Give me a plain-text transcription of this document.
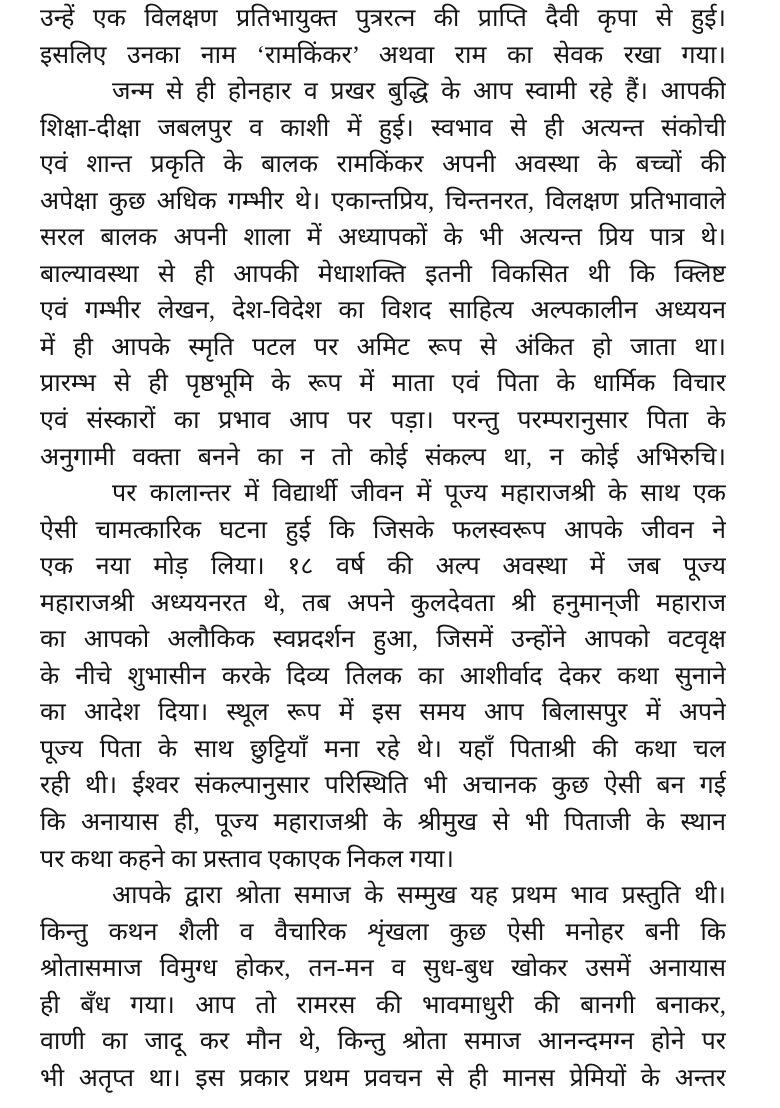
उन्हें एक विलक्षण प्रतिभायुक्त पुत्ररत्न की प्राप्ति दैवी कृपा से हुई।
इसलिए उनका नाम ‘रामकिंकर’ अथवा राम का सेवक रखा गया।
जन्म से ही होनहार व प्रखर बुद्धि के आप स्वामी रहे हैं। आपकी
शिक्षा-दीक्षा जबलपुर व काशी में हुई। स्वभाव से ही अत्यन्त संकोची
एवं शान्त प्रकृति के बालक रामकिंकर अपनी अवस्था के बच्चों की
अपेक्षा कुछ अधिक गम्भीर थे। एकान्तप्रिय, चिन्तनरत, विलक्षण प्रतिभावाले
सरल बालक अपनी शाला में अध्यापकों के भी अत्यन्त प्रिय पात्र थे।
बाल्यावस्था से ही आपकी मेधाशक्ति इतनी विकसित थी कि क्लिष्ट
एवं गम्भीर लेखन, देश-विदेश का विशद साहित्य अल्पकालीन अध्ययन
में ही आपके स्मृति पटल पर अमिट रूप से अंकित हो जाता था।
प्रारम्भ से ही पृष्ठभूमि के रूप में माता एवं पिता के धार्मिक विचार
एवं संस्कारों का प्रभाव आप पर पड़ा। परन्तु परम्परानुसार पिता के
अनुगामी वक्ता बनने का न तो कोई संकल्प था, न कोई अभिरुचि।
पर कालान्तर में विद्यार्थी जीवन में पूज्य महाराजश्री के साथ एक
ऐसी चामत्कारिक घटना हुई कि जिसके फलस्वरूप आपके जीवन ने
एक नया मोड़ लिया। १८ वर्ष की अल्प अवस्था में जब पूज्य
महाराजश्री अध्ययनरत थे, तब अपने कुलदेवता श्री हनुमान्‌जी महाराज
का आपको अलौकिक स्वप्नदर्शन हुआ, जिसमें उन्होंने आपको वटवृक्ष
के नीचे शुभासीन करके दिव्य तिलक का आशीर्वाद देकर कथा सुनाने
का आदेश दिया। स्थूल रूप में इस समय आप बिलासपुर में अपने
पूज्य पिता के साथ छुट्टियाँ मना रहे थे। यहाँ पिताश्री की कथा चल
रही थी। ईश्वर संकल्पानुसार परिस्थिति भी अचानक कुछ ऐसी बन गई
कि अनायास ही, पूज्य महाराजश्री के श्रीमुख से भी पिताजी के स्थान
पर कथा कहने का प्रस्ताव एकाएक निकल गया।
आपके द्वारा श्रोता समाज के सम्मुख यह प्रथम भाव प्रस्तुति थी।
किन्तु कथन शैली व वैचारिक शृंखला कुछ ऐसी मनोहर बनी कि
श्रोतासमाज विमुग्ध होकर, तन-मन व सुध-बुध खोकर उसमें अनायास
ही बँध गया। आप तो रामरस की भावमाधुरी की बानगी बनाकर,
वाणी का जादू कर मौन थे, किन्तु श्रोता समाज आनन्दमग्न होने पर
भी अतृप्त था। इस प्रकार प्रथम प्रवचन से ही मानस प्रेमियों के अन्तर
